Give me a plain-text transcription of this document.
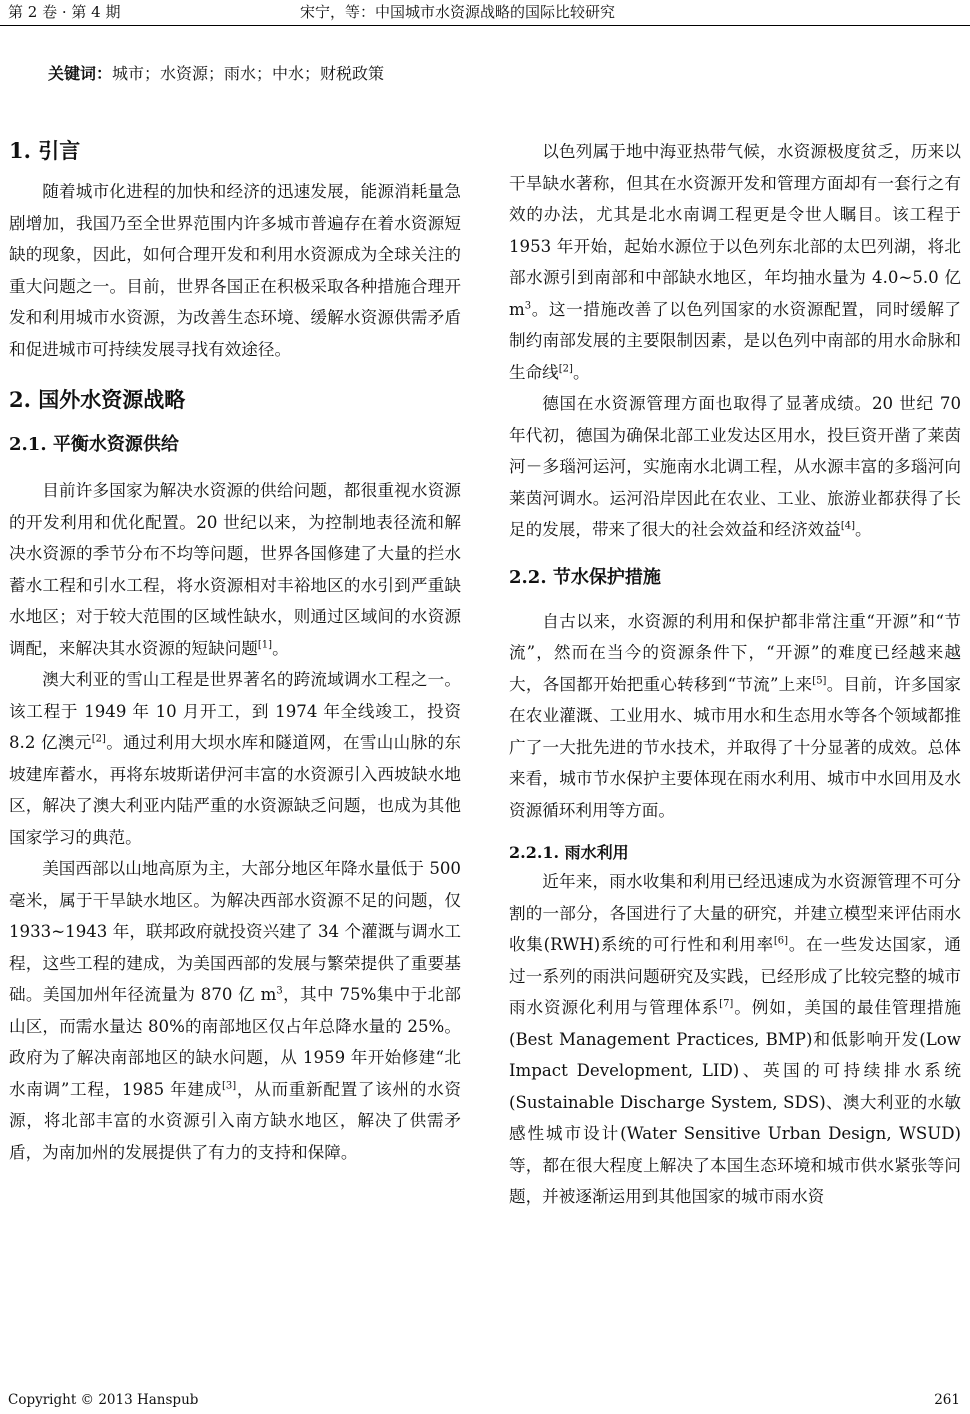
第 2 卷 · 第 4 期	宋宁，等：中国城市水资源战略的国际比较研究
关键词：城市；水资源；雨水；中水；财税政策
1. 引言

随着城市化进程的加快和经济的迅速发展，能源消耗量急剧增加，我国乃至全世界范围内许多城市普遍存在着水资源短缺的现象，因此，如何合理开发和利用水资源成为全球关注的重大问题之一。目前，世界各国正在积极采取各种措施合理开发和利用城市水资源，为改善生态环境、缓解水资源供需矛盾和促进城市可持续发展寻找有效途径。

2. 国外水资源战略
2.1. 平衡水资源供给

目前许多国家为解决水资源的供给问题，都很重视水资源的开发利用和优化配置。20 世纪以来，为控制地表径流和解决水资源的季节分布不均等问题，世界各国修建了大量的拦水蓄水工程和引水工程，将水资源相对丰裕地区的水引到严重缺水地区；对于较大范围的区域性缺水，则通过区域间的水资源调配，来解决其水资源的短缺问题[1]。

澳大利亚的雪山工程是世界著名的跨流域调水工程之一。该工程于 1949 年 10 月开工，到 1974 年全线竣工，投资 8.2 亿澳元[2]。通过利用大坝水库和隧道网，在雪山山脉的东坡建库蓄水，再将东坡斯诺伊河丰富的水资源引入西坡缺水地区，解决了澳大利亚内陆严重的水资源缺乏问题，也成为其他国家学习的典范。

美国西部以山地高原为主，大部分地区年降水量低于 500 毫米，属于干旱缺水地区。为解决西部水资源不足的问题，仅 1933~1943 年，联邦政府就投资兴建了 34 个灌溉与调水工程，这些工程的建成，为美国西部的发展与繁荣提供了重要基础。美国加州年径流量为 870 亿 $m^3$，其中 75%集中于北部山区，而需水量达 80%的南部地区仅占年总降水量的 25%。政府为了解决南部地区的缺水问题，从 1959 年开始修建“北水南调”工程，1985 年建成[3]，从而重新配置了该州的水资源，将北部丰富的水资源引入南方缺水地区，解决了供需矛盾，为南加州的发展提供了有力的支持和保障。

以色列属于地中海亚热带气候，水资源极度贫乏，历来以干旱缺水著称，但其在水资源开发和管理方面却有一套行之有效的办法，尤其是北水南调工程更是令世人瞩目。该工程于 1953 年开始，起始水源位于以色列东北部的太巴列湖，将北部水源引到南部和中部缺水地区，年均抽水量为 4.0~5.0 亿 $m^3$。这一措施改善了以色列国家的水资源配置，同时缓解了制约南部发展的主要限制因素，是以色列中南部的用水命脉和生命线[2]。

德国在水资源管理方面也取得了显著成绩。20 世纪 70 年代初，德国为确保北部工业发达区用水，投巨资开凿了莱茵河－多瑙河运河，实施南水北调工程，从水源丰富的多瑙河向莱茵河调水。运河沿岸因此在农业、工业、旅游业都获得了长足的发展，带来了很大的社会效益和经济效益[4]。

2.2. 节水保护措施

自古以来，水资源的利用和保护都非常注重“开源”和“节流”，然而在当今的资源条件下，“开源”的难度已经越来越大，各国都开始把重心转移到“节流”上来[5]。目前，许多国家在农业灌溉、工业用水、城市用水和生态用水等各个领域都推广了一大批先进的节水技术，并取得了十分显著的成效。总体来看，城市节水保护主要体现在雨水利用、城市中水回用及水资源循环利用等方面。

2.2.1. 雨水利用

近年来，雨水收集和利用已经迅速成为水资源管理不可分割的一部分，各国进行了大量的研究，并建立模型来评估雨水收集(RWH)系统的可行性和利用率[6]。在一些发达国家，通过一系列的雨洪问题研究及实践，已经形成了比较完整的城市雨水资源化利用与管理体系[7]。例如，美国的最佳管理措施(Best Management Practices, BMP)和低影响开发(Low Impact Development, LID)、英国的可持续排水系统(Sustainable Discharge System, SDS)、澳大利亚的水敏感性城市设计(Water Sensitive Urban Design, WSUD)等，都在很大程度上解决了本国生态环境和城市供水紧张等问题，并被逐渐运用到其他国家的城市雨水资

Copyright © 2013 Hanspub	261
